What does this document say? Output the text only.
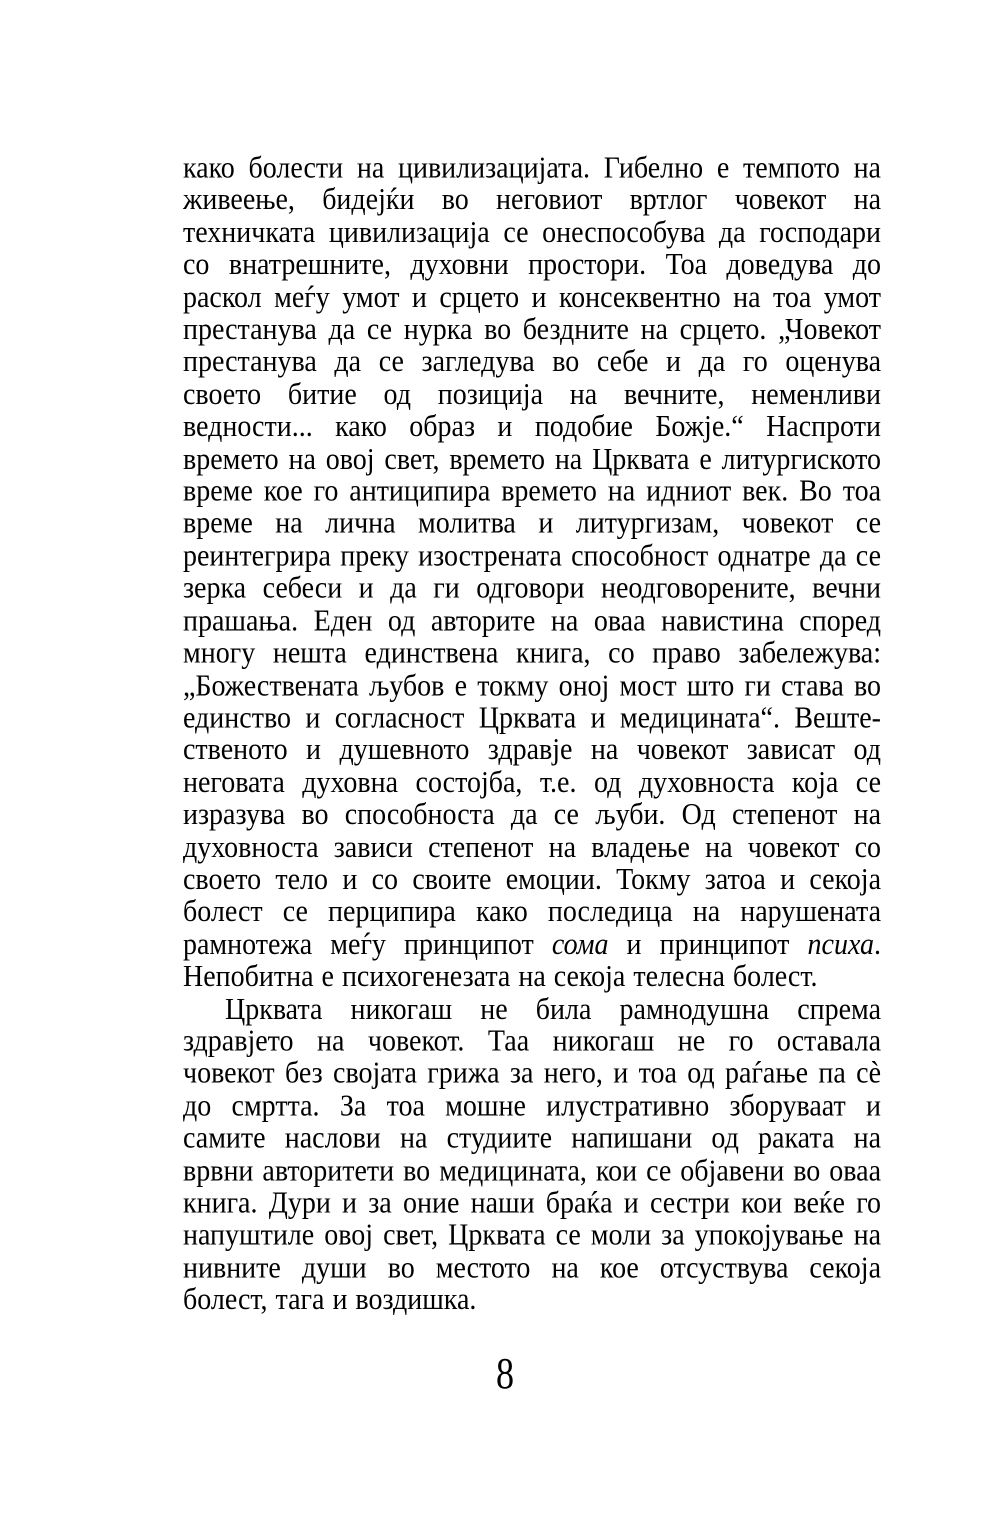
како болести на цивилизацијата. Гибелно е темпото на
живеење, бидејќи во неговиот вртлог човекот на
техничката цивилизација се онеспособува да господари
со внатрешните, духовни простори. Тоа доведува до
раскол меѓу умот и срцето и консеквентно на тоа умот
престанува да се нурка во бездните на срцето. „Човекот
престанува да се загледува во себе и да го оценува
своето битие од позиција на вечните, неменливи
ведности... како образ и подобие Божје.“ Наспроти
времето на овој свет, времето на Црквата е литургиското
време кое го антиципира времето на идниот век. Во тоа
време на лична молитва и литургизам, човекот се
реинтегрира преку изострената способност однатре да се
зерка себеси и да ги одговори неодговорените, вечни
прашања. Еден од авторите на оваа навистина според
многу нешта единствена книга, со право забележува:
„Божествената љубов е токму оној мост што ги става во
единство и согласност Црквата и медицината“. Веште-
ственото и душевното здравје на човекот зависат од
неговата духовна состојба, т.е. од духовноста која се
изразува во способноста да се љуби. Од степенот на
духовноста зависи степенот на владење на човекот со
своето тело и со своите емоции. Токму затоа и секоја
болест се перципира како последица на нарушената
рамнотежа меѓу принципот сома и принципот психа.
Непобитна е психогенезата на секоја телесна болест.
Црквата никогаш не била рамнодушна спрема
здравјето на човекот. Таа никогаш не го оставала
човекот без својата грижа за него, и тоа од раѓање па сè
до смртта. За тоа мошне илустративно зборуваат и
самите наслови на студиите напишани од раката на
врвни авторитети во медицината, кои се објавени во оваа
книга. Дури и за оние наши браќа и сестри кои веќе го
напуштиле овој свет, Црквата се моли за упокојување на
нивните души во местото на кое отсуствува секоја
болест, тага и воздишка.
8
